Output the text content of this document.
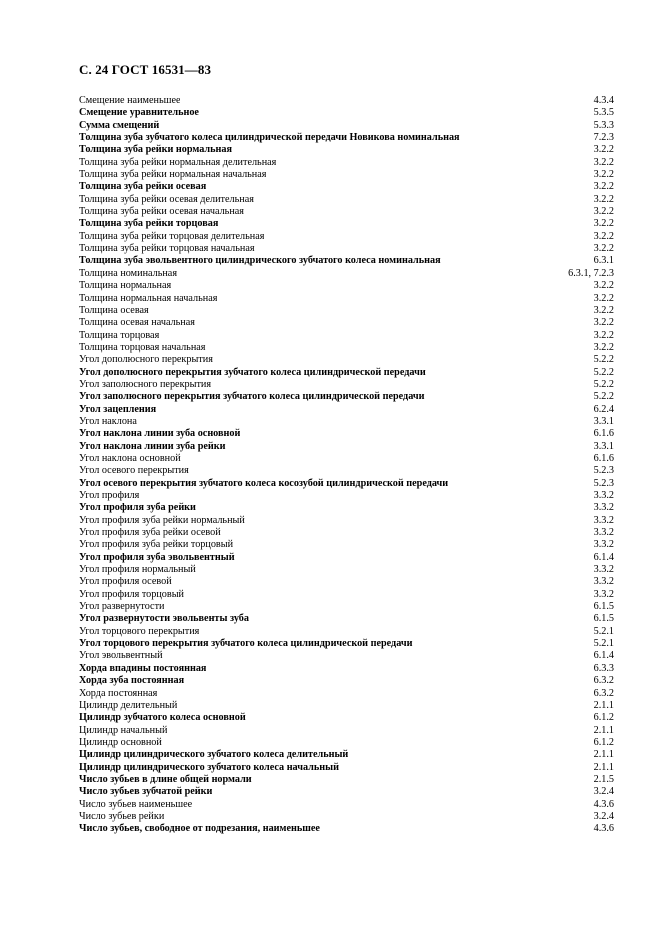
С. 24 ГОСТ 16531—83
Смещение наименьшее	4.3.4
Смещение уравнительное	5.3.5
Сумма смещений	5.3.3
Толщина зуба зубчатого колеса цилиндрической передачи Новикова номинальная	7.2.3
Толщина зуба рейки нормальная	3.2.2
Толщина зуба рейки нормальная делительная	3.2.2
Толщина зуба рейки нормальная начальная	3.2.2
Толщина зуба рейки осевая	3.2.2
Толщина зуба рейки осевая делительная	3.2.2
Толщина зуба рейки осевая начальная	3.2.2
Толщина зуба рейки торцовая	3.2.2
Толщина зуба рейки торцовая делительная	3.2.2
Толщина зуба рейки торцовая начальная	3.2.2
Толщина зуба эвольвентного цилиндрического зубчатого колеса номинальная	6.3.1
Толщина номинальная	6.3.1, 7.2.3
Толщина нормальная	3.2.2
Толщина нормальная начальная	3.2.2
Толщина осевая	3.2.2
Толщина осевая начальная	3.2.2
Толщина торцовая	3.2.2
Толщина торцовая начальная	3.2.2
Угол дополюсного перекрытия	5.2.2
Угол дополюсного перекрытия зубчатого колеса цилиндрической передачи	5.2.2
Угол заполюсного перекрытия	5.2.2
Угол заполюсного перекрытия зубчатого колеса цилиндрической передачи	5.2.2
Угол зацепления	6.2.4
Угол наклона	3.3.1
Угол наклона линии зуба основной	6.1.6
Угол наклона линии зуба рейки	3.3.1
Угол наклона основной	6.1.6
Угол осевого перекрытия	5.2.3
Угол осевого перекрытия зубчатого колеса косозубой цилиндрической передачи	5.2.3
Угол профиля	3.3.2
Угол профиля зуба рейки	3.3.2
Угол профиля зуба рейки нормальный	3.3.2
Угол профиля зуба рейки осевой	3.3.2
Угол профиля зуба рейки торцовый	3.3.2
Угол профиля зуба эвольвентный	6.1.4
Угол профиля нормальный	3.3.2
Угол профиля осевой	3.3.2
Угол профиля торцовый	3.3.2
Угол развернутости	6.1.5
Угол развернутости эвольвенты зуба	6.1.5
Угол торцового перекрытия	5.2.1
Угол торцового перекрытия зубчатого колеса цилиндрической передачи	5.2.1
Угол эвольвентный	6.1.4
Хорда впадины постоянная	6.3.3
Хорда зуба постоянная	6.3.2
Хорда постоянная	6.3.2
Цилиндр делительный	2.1.1
Цилиндр зубчатого колеса основной	6.1.2
Цилиндр начальный	2.1.1
Цилиндр основной	6.1.2
Цилиндр цилиндрического зубчатого колеса делительный	2.1.1
Цилиндр цилиндрического зубчатого колеса начальный	2.1.1
Число зубьев в длине общей нормали	2.1.5
Число зубьев зубчатой рейки	3.2.4
Число зубьев наименьшее	4.3.6
Число зубьев рейки	3.2.4
Число зубьев, свободное от подрезания, наименьшее	4.3.6
